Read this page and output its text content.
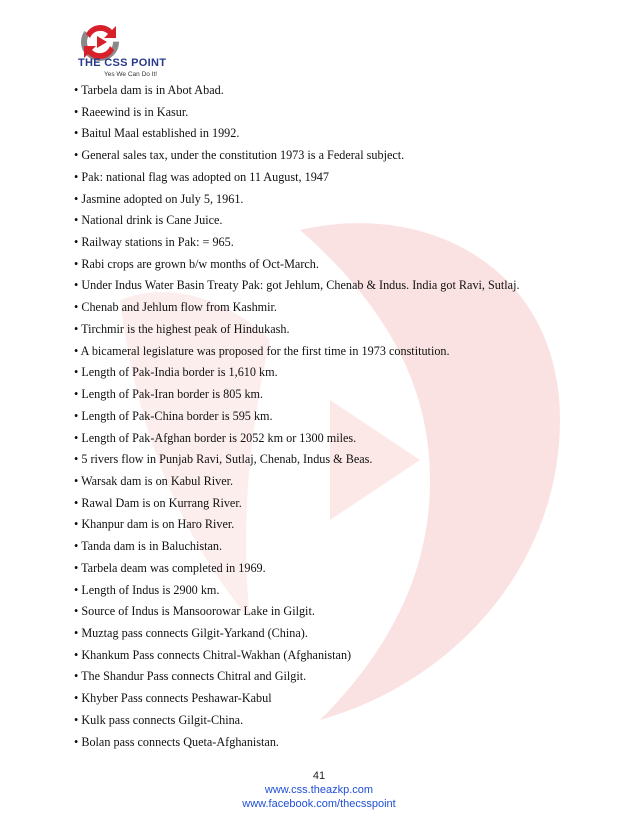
THE CSS POINT
Yes We Can Do It!
• Tarbela dam is in Abot Abad.
• Raeewind is in Kasur.
• Baitul Maal established in 1992.
• General sales tax, under the constitution 1973 is a Federal subject.
• Pak: national flag was adopted on 11 August, 1947
• Jasmine adopted on July 5, 1961.
• National drink is Cane Juice.
• Railway stations in Pak: = 965.
• Rabi crops are grown b/w months of Oct-March.
• Under Indus Water Basin Treaty Pak: got Jehlum, Chenab & Indus. India got Ravi, Sutlaj.
• Chenab and Jehlum flow from Kashmir.
• Tirchmir is the highest peak of Hindukash.
• A bicameral legislature was proposed for the first time in 1973 constitution.
• Length of Pak-India border is 1,610 km.
• Length of Pak-Iran border is 805 km.
• Length of Pak-China border is 595 km.
• Length of Pak-Afghan border is 2052 km or 1300 miles.
• 5 rivers flow in Punjab Ravi, Sutlaj, Chenab, Indus & Beas.
• Warsak dam is on Kabul River.
• Rawal Dam is on Kurrang River.
• Khanpur dam is on Haro River.
• Tanda dam is in Baluchistan.
• Tarbela deam was completed in 1969.
• Length of Indus is 2900 km.
• Source of Indus is Mansoorowar Lake in Gilgit.
• Muztag pass connects Gilgit-Yarkand (China).
• Khankum Pass connects Chitral-Wakhan (Afghanistan)
• The Shandur Pass connects Chitral and Gilgit.
• Khyber Pass connects Peshawar-Kabul
• Kulk pass connects Gilgit-China.
• Bolan pass connects Queta-Afghanistan.
41
www.css.theazkp.com
www.facebook.com/thecsspoint
